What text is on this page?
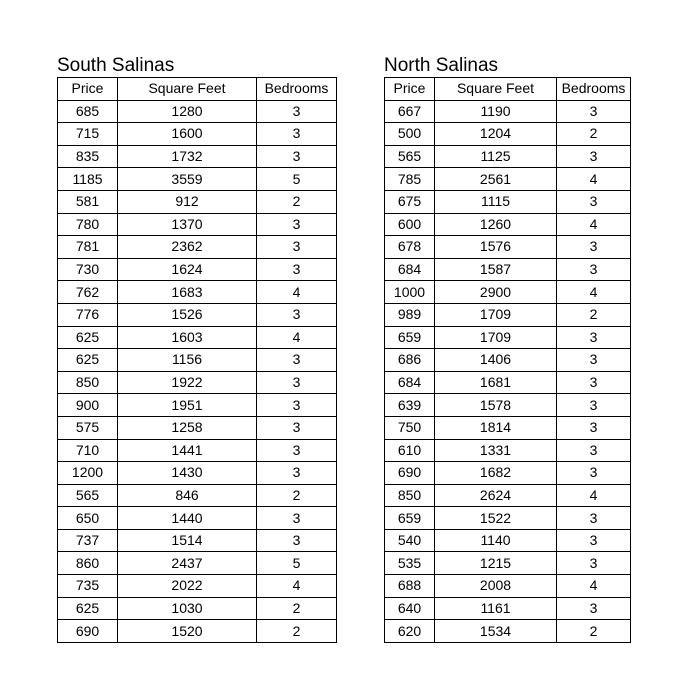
South Salinas
Price	Square Feet	Bedrooms
685	1280	3
715	1600	3
835	1732	3
1185	3559	5
581	912	2
780	1370	3
781	2362	3
730	1624	3
762	1683	4
776	1526	3
625	1603	4
625	1156	3
850	1922	3
900	1951	3
575	1258	3
710	1441	3
1200	1430	3
565	846	2
650	1440	3
737	1514	3
860	2437	5
735	2022	4
625	1030	2
690	1520	2
North Salinas
Price	Square Feet	Bedrooms
667	1190	3
500	1204	2
565	1125	3
785	2561	4
675	1115	3
600	1260	4
678	1576	3
684	1587	3
1000	2900	4
989	1709	2
659	1709	3
686	1406	3
684	1681	3
639	1578	3
750	1814	3
610	1331	3
690	1682	3
850	2624	4
659	1522	3
540	1140	3
535	1215	3
688	2008	4
640	1161	3
620	1534	2
